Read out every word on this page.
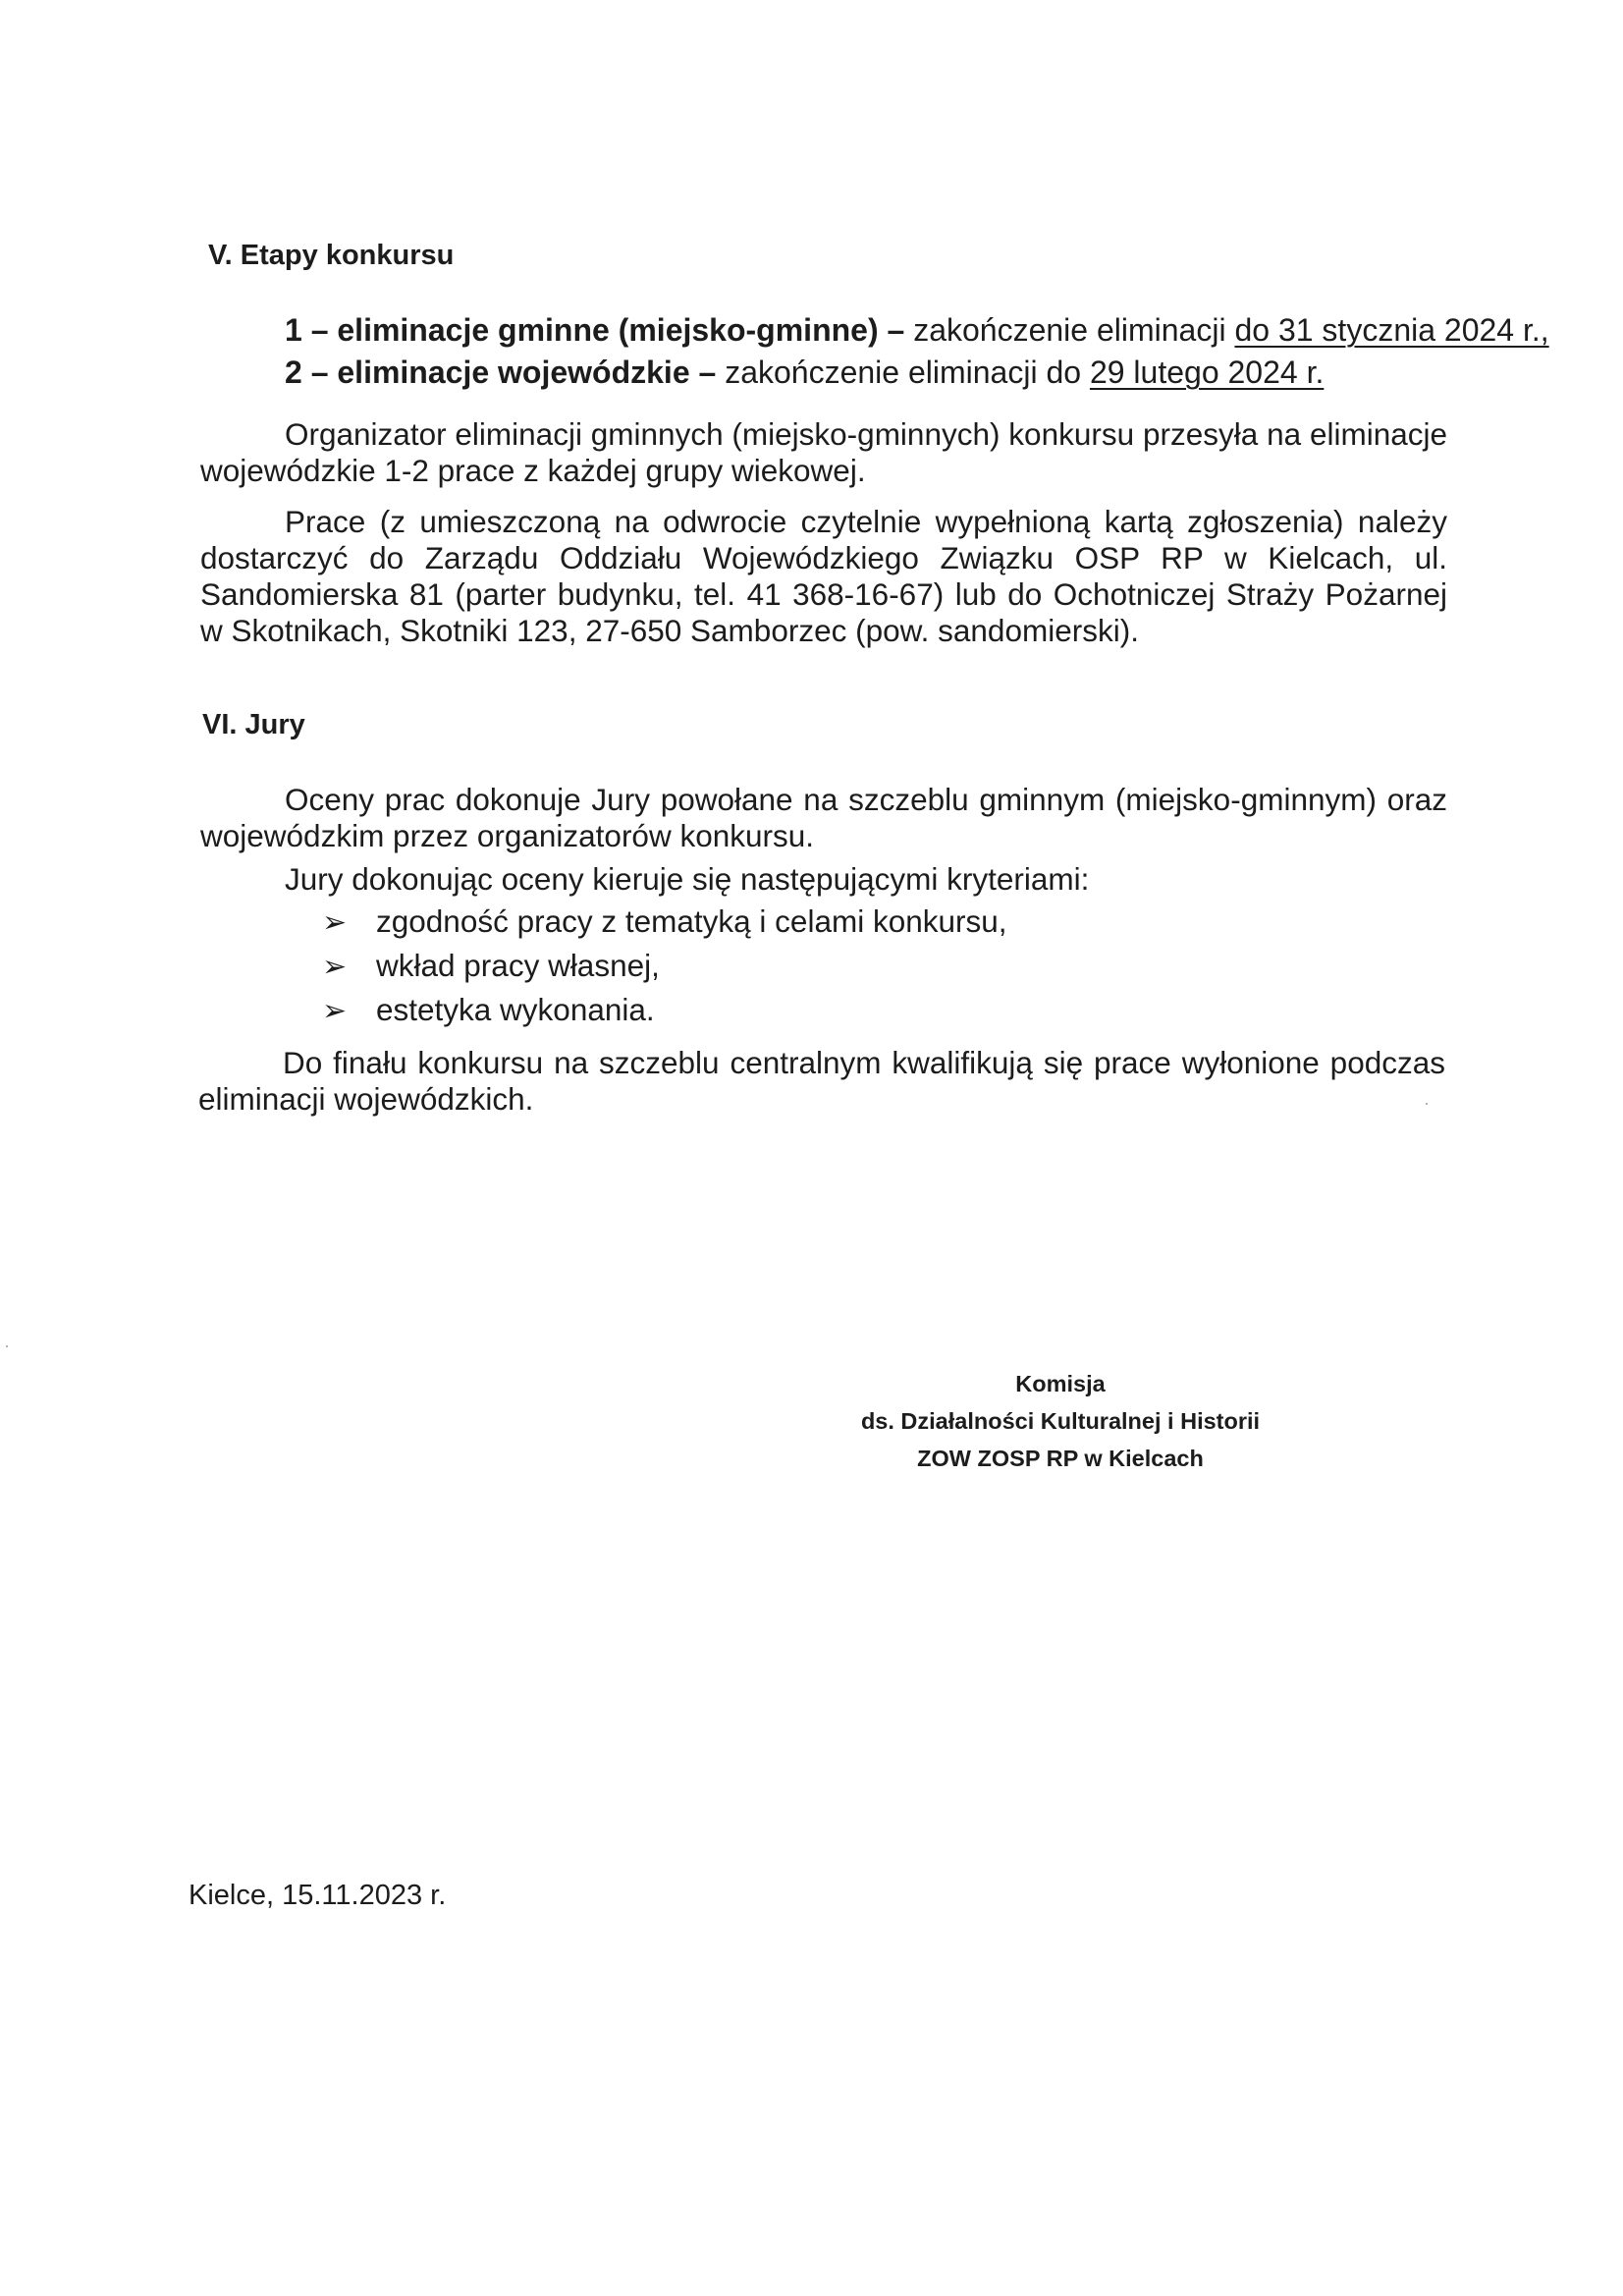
V. Etapy konkursu
1 – eliminacje gminne (miejsko-gminne) – zakończenie eliminacji do 31 stycznia 2024 r.,
2 – eliminacje wojewódzkie – zakończenie eliminacji do 29 lutego 2024 r.

Organizator eliminacji gminnych (miejsko-gminnych) konkursu przesyła na eliminacje wojewódzkie 1-2 prace z każdej grupy wiekowej.

Prace (z umieszczoną na odwrocie czytelnie wypełnioną kartą zgłoszenia) należy dostarczyć do Zarządu Oddziału Wojewódzkiego Związku OSP RP w Kielcach, ul. Sandomierska 81 (parter budynku, tel. 41 368-16-67) lub do Ochotniczej Straży Pożarnej w Skotnikach, Skotniki 123, 27-650 Samborzec (pow. sandomierski).

VI. Jury

Oceny prac dokonuje Jury powołane na szczeblu gminnym (miejsko-gminnym) oraz wojewódzkim przez organizatorów konkursu.

Jury dokonując oceny kieruje się następującymi kryteriami:

➢ zgodność pracy z tematyką i celami konkursu,
➢ wkład pracy własnej,
➢ estetyka wykonania.

Do finału konkursu na szczeblu centralnym kwalifikują się prace wyłonione podczas eliminacji wojewódzkich.

Komisja
ds. Działalności Kulturalnej i Historii
ZOW ZOSP RP w Kielcach
Kielce, 15.11.2023 r.
